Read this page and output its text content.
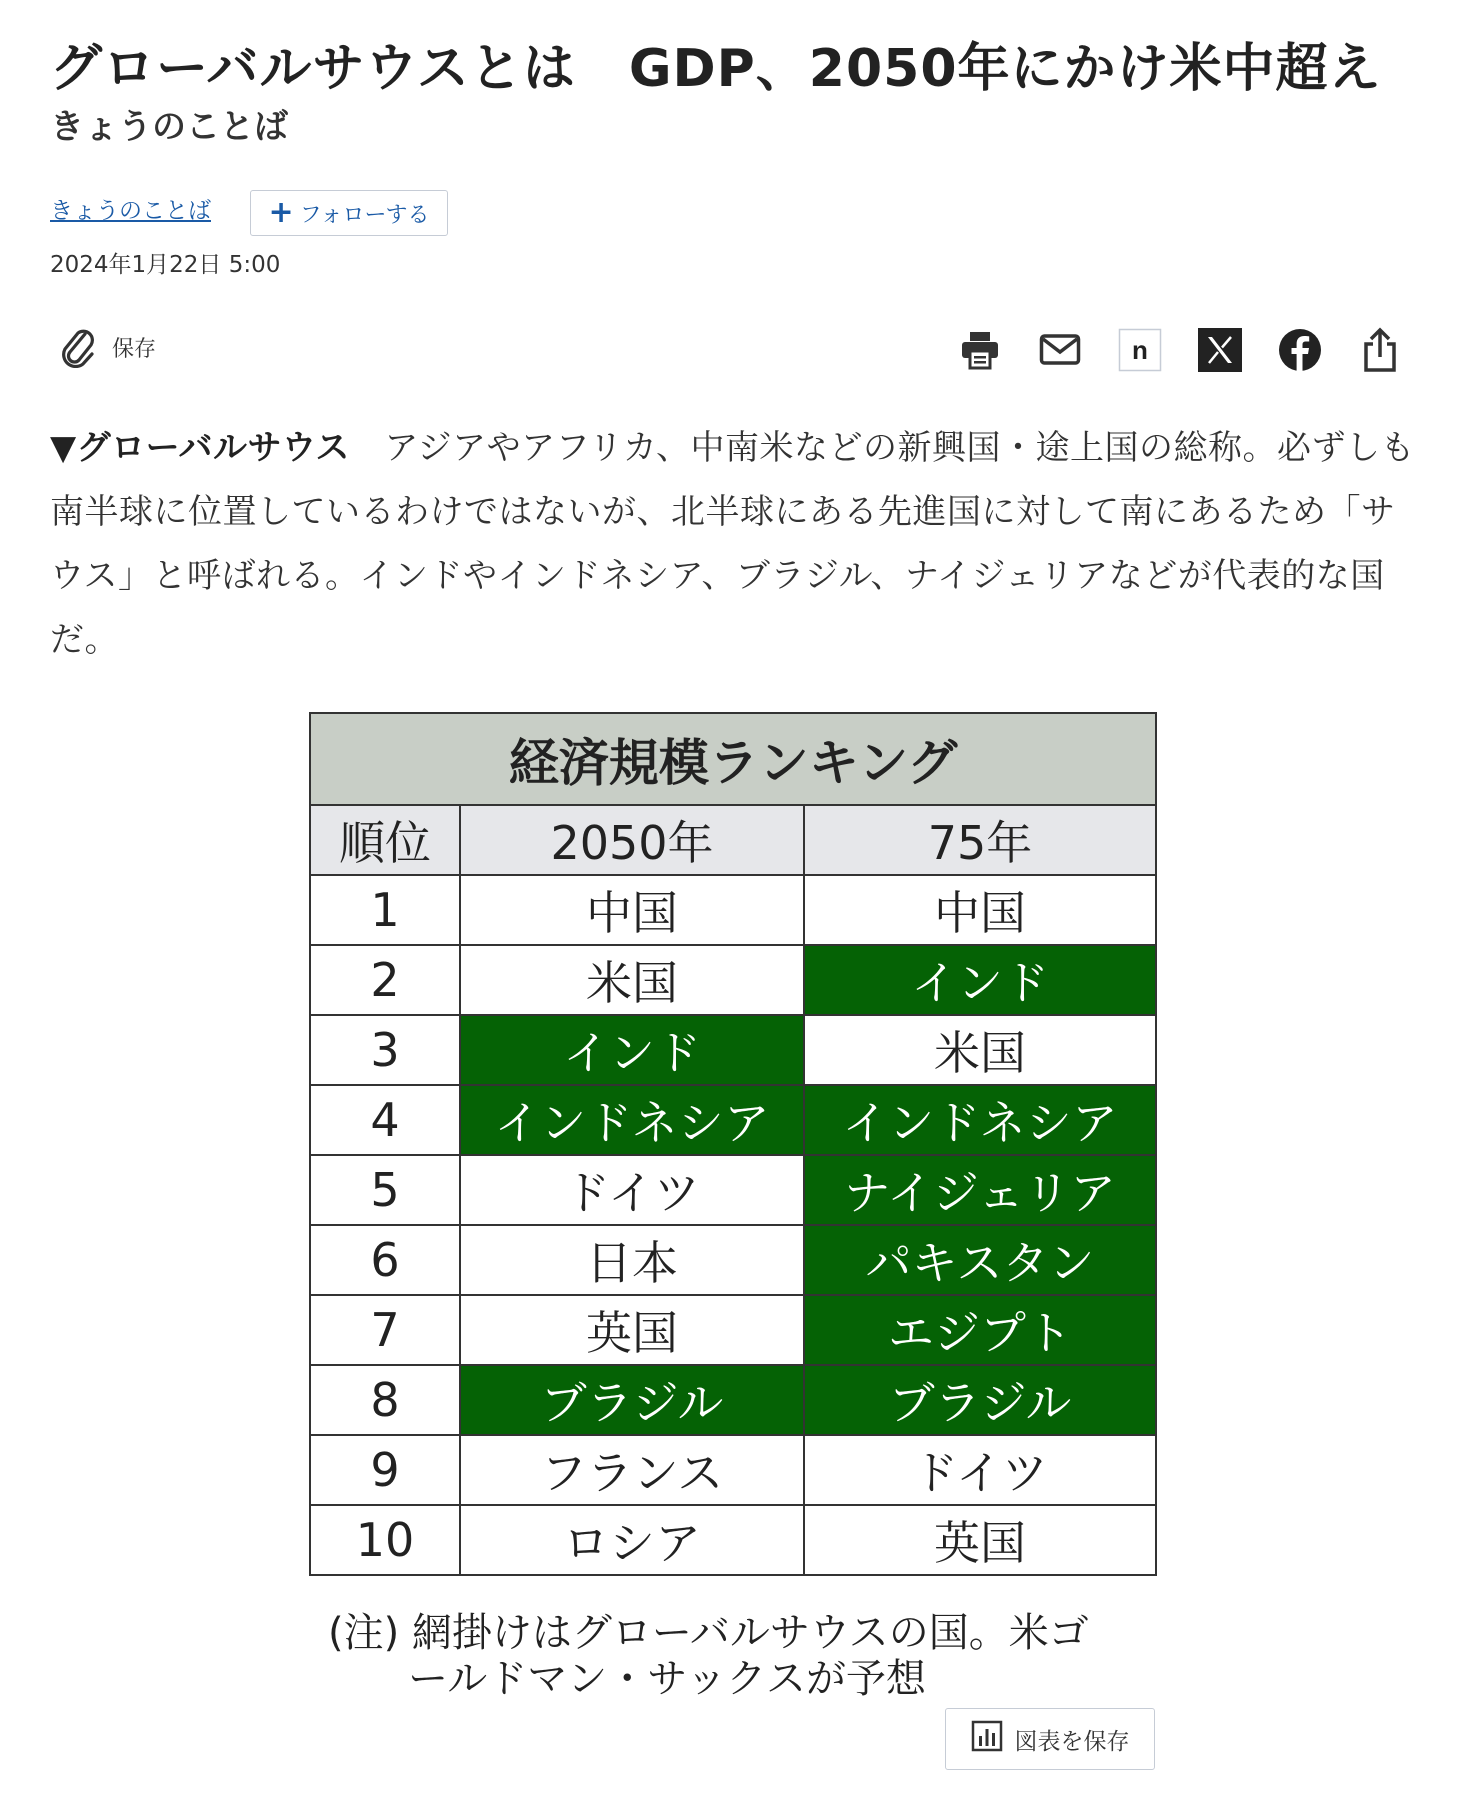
グローバルサウスとは　GDP、2050年にかけ米中超え
きょうのことば
きょうのことば + フォローする
2024年1月22日 5:00
保存	n

▼グローバルサウス　アジアやアフリカ、中南米などの新興国・途上国の総称。必ずしも南半球に位置しているわけではないが、北半球にある先進国に対して南にあるため「サウス」と呼ばれる。インドやインドネシア、ブラジル、ナイジェリアなどが代表的な国だ。

経済規模ランキング		
順位	2050年	75年
1	中国	中国
2	米国	インド
3	インド	米国
4	インドネシア	インドネシア
5	ドイツ	ナイジェリア
6	日本	パキスタン
7	英国	エジプト
8	ブラジル	ブラジル
9	フランス	ドイツ
10	ロシア	英国
(注) 網掛けはグローバルサウスの国。米ゴ
ールドマン・サックスが予想
図表を保存
